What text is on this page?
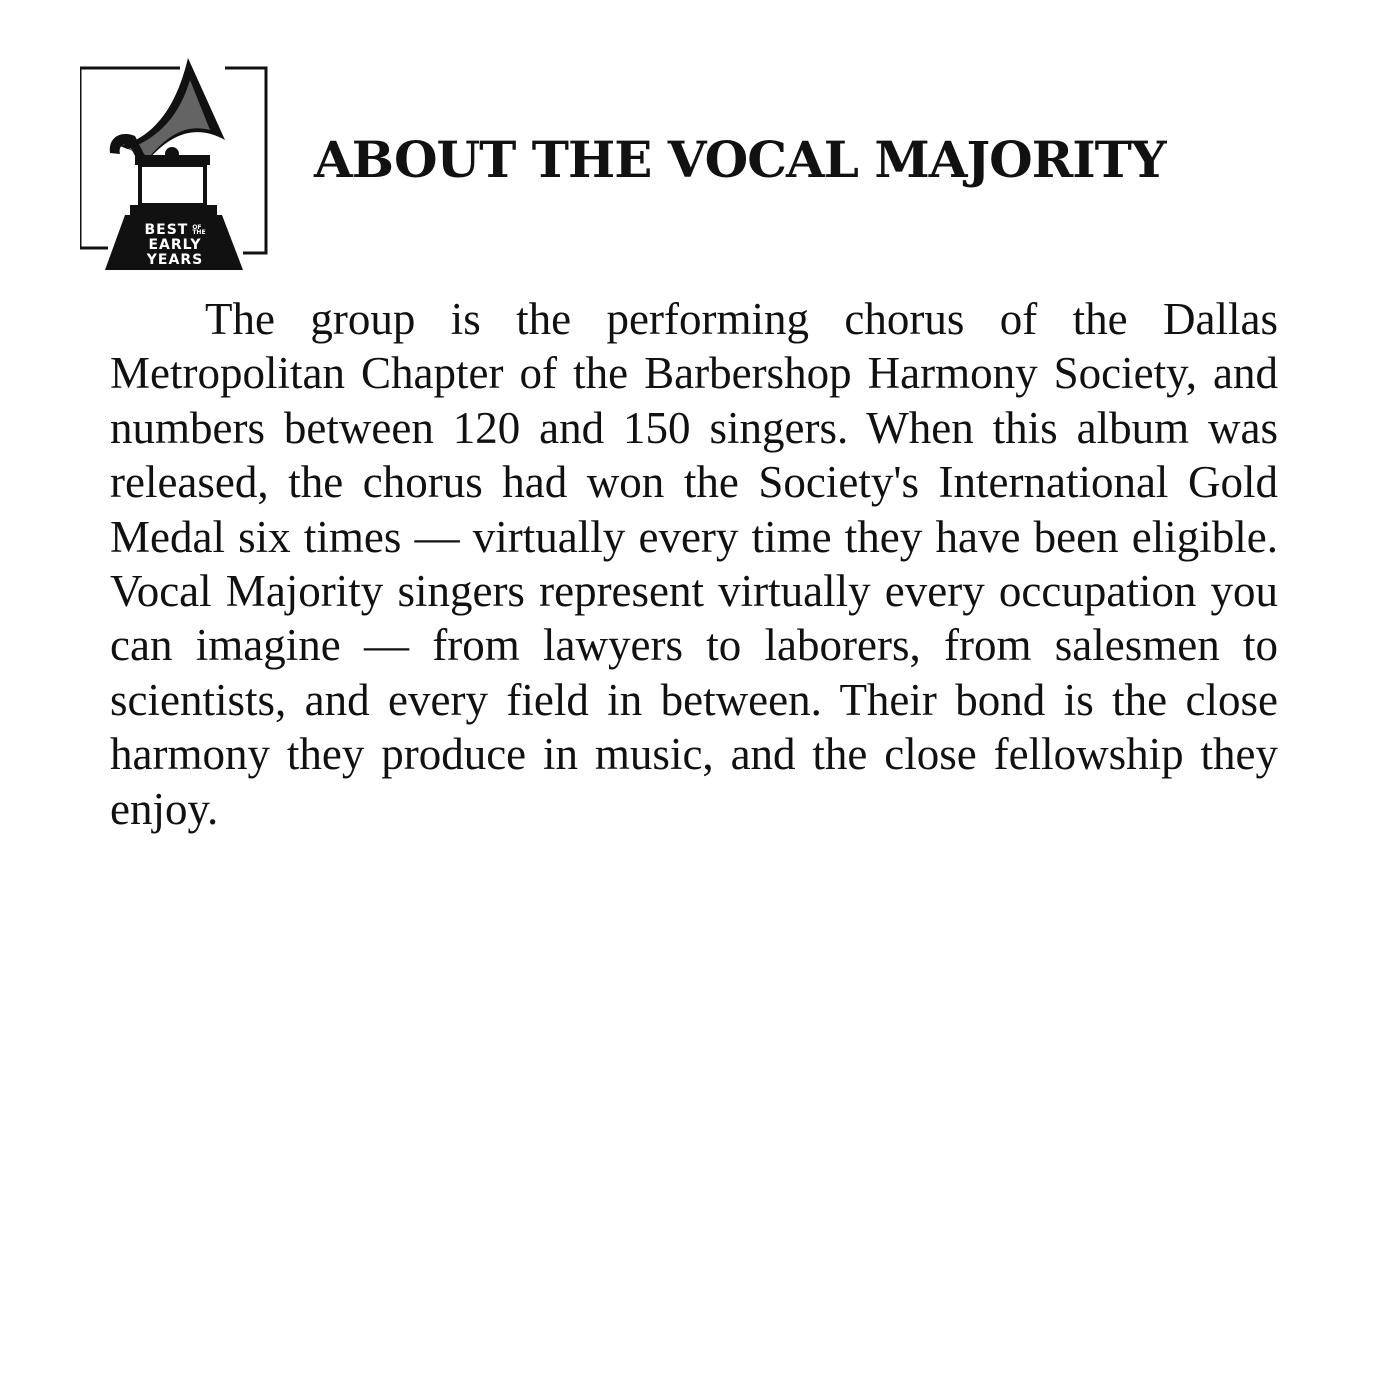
BEST OF
THE
EARLY
YEARS
ABOUT THE VOCAL MAJORITY

The group is the performing chorus of the Dallas Metropolitan Chapter of the Barbershop Harmony Society, and numbers between 120 and 150 singers. When this album was released, the chorus had won the Society's International Gold Medal six times — virtually every time they have been eligible. Vocal Majority singers represent virtually every occupation you can imagine — from lawyers to laborers, from salesmen to scientists, and every field in between. Their bond is the close harmony they produce in music, and the close fellowship they enjoy.
